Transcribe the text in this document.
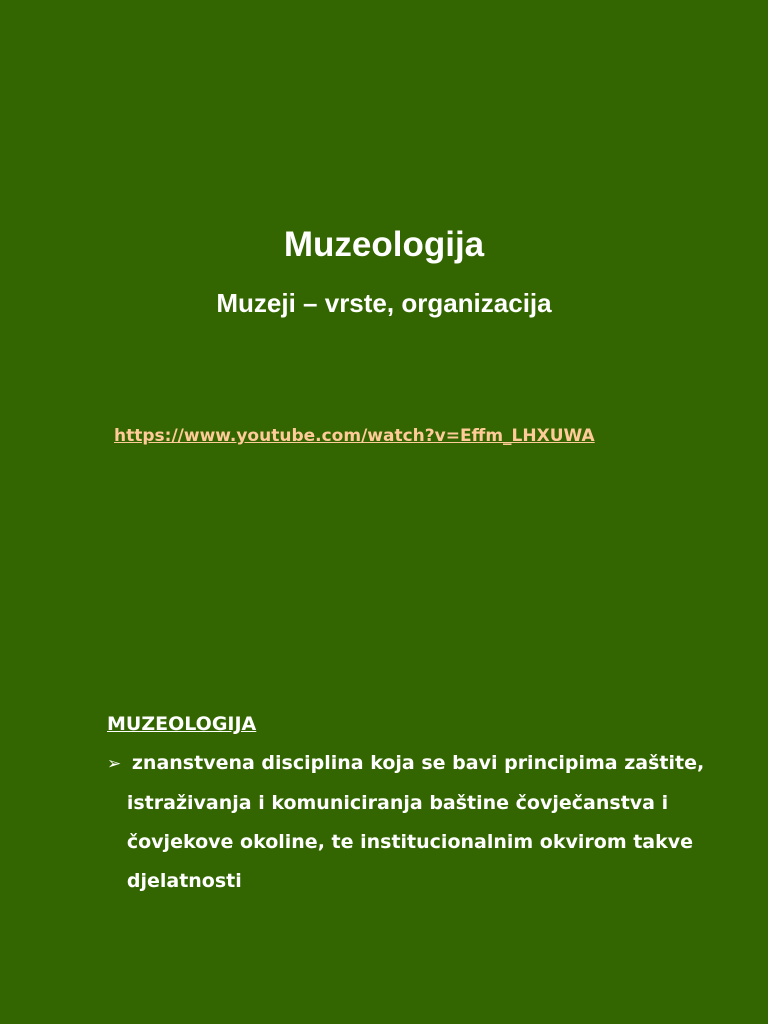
Muzeologija
Muzeji – vrste, organizacija
https://www.youtube.com/watch?v=Effm_LHXUWA
MUZEOLOGIJA
➢ znanstvena disciplina koja se bavi principima zaštite,
istraživanja i komuniciranja baštine čovječanstva i
čovjekove okoline, te institucionalnim okvirom takve
djelatnosti
